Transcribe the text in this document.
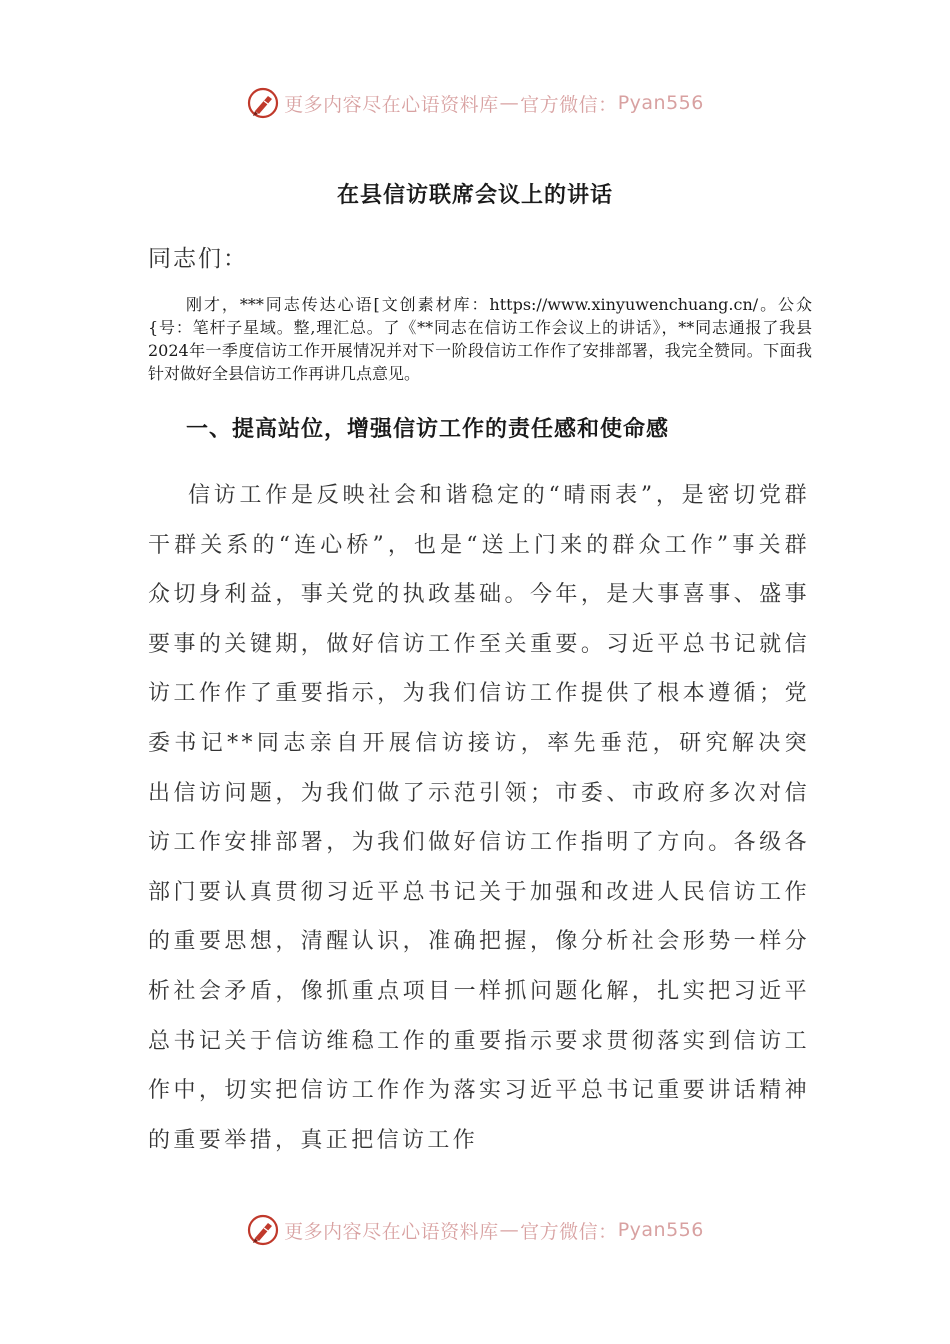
更多内容尽在心语资料库 — 官方微信： Pyan556
在县信访联席会议上的讲话

同志们：

刚才，***同志传达心语[文创素材库：https://www.xinyuwenchuang.cn/。公众{号：笔杆子星域。整,理汇总。了《**同志在信访工作会议上的讲话》，**同志通报了我县2024年一季度信访工作开展情况并对下一阶段信访工作作了安排部署，我完全赞同。下面我针对做好全县信访工作再讲几点意见。

一、提高站位，增强信访工作的责任感和使命感

信访工作是反映社会和谐稳定的“晴雨表”，是密切党群干群关系的“连心桥”，也是“送上门来的群众工作”事关群众切身利益，事关党的执政基础。今年，是大事喜事、盛事要事的关键期，做好信访工作至关重要。习近平总书记就信访工作作了重要指示，为我们信访工作提供了根本遵循；党委书记**同志亲自开展信访接访，率先垂范，研究解决突出信访问题，为我们做了示范引领；市委、市政府多次对信访工作安排部署，为我们做好信访工作指明了方向。各级各部门要认真贯彻习近平总书记关于加强和改进人民信访工作的重要思想，清醒认识，准确把握，像分析社会形势一样分析社会矛盾，像抓重点项目一样抓问题化解，扎实把习近平总书记关于信访维稳工作的重要指示要求贯彻落实到信访工作中，切实把信访工作作为落实习近平总书记重要讲话精神的重要举措，真正把信访工作

更多内容尽在心语资料库 — 官方微信： Pyan556
